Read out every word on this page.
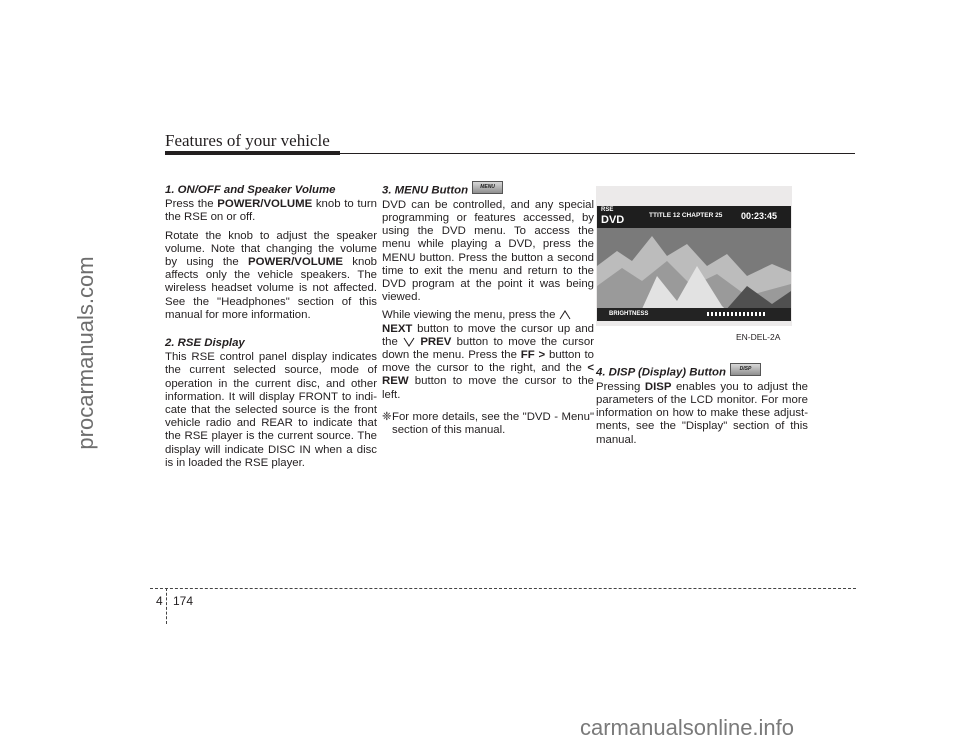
Features of your vehicle
1. ON/OFF and Speaker Volume
Press the POWER/VOLUME knob to turn the RSE on or off.
Rotate the knob to adjust the speaker volume. Note that changing the volume by using the POWER/VOLUME knob affects only the vehicle speakers. The wireless headset volume is not affected. See the "Headphones" section of this manual for more information.
2. RSE Display
This RSE control panel display indicates the current selected source, mode of operation in the current disc, and other information. It will display FRONT to indi-cate that the selected source is the front vehicle radio and REAR to indicate that the RSE player is the current source. The display will indicate DISC IN when a disc is in loaded the RSE player.
3. MENU Button MENU
DVD can be controlled, and any special programming or features accessed, by using the DVD menu. To access the menu while playing a DVD, press the MENU button. Press the button a second time to exit the menu and return to the DVD program at the point it was being viewed.
While viewing the menu, press the
NEXT button to move the cursor up and the  PREV button to move the cursor down the menu. Press the FF > button to move the cursor to the right, and the < REW button to move the cursor to the left.
❈ For more details, see the "DVD - Menu" section of this manual.
RSE
DVD	TTITLE 12 CHAPTER 25 00:23:45
BRIGHTNESS
EN-DEL-2A
4. DISP (Display) Button	DISP
Pressing DISP enables you to adjust the parameters of the LCD monitor. For more information on how to make these adjust-ments, see the "Display" section of this manual.
4 174
procarmanuals.com
carmanualsonline.info
